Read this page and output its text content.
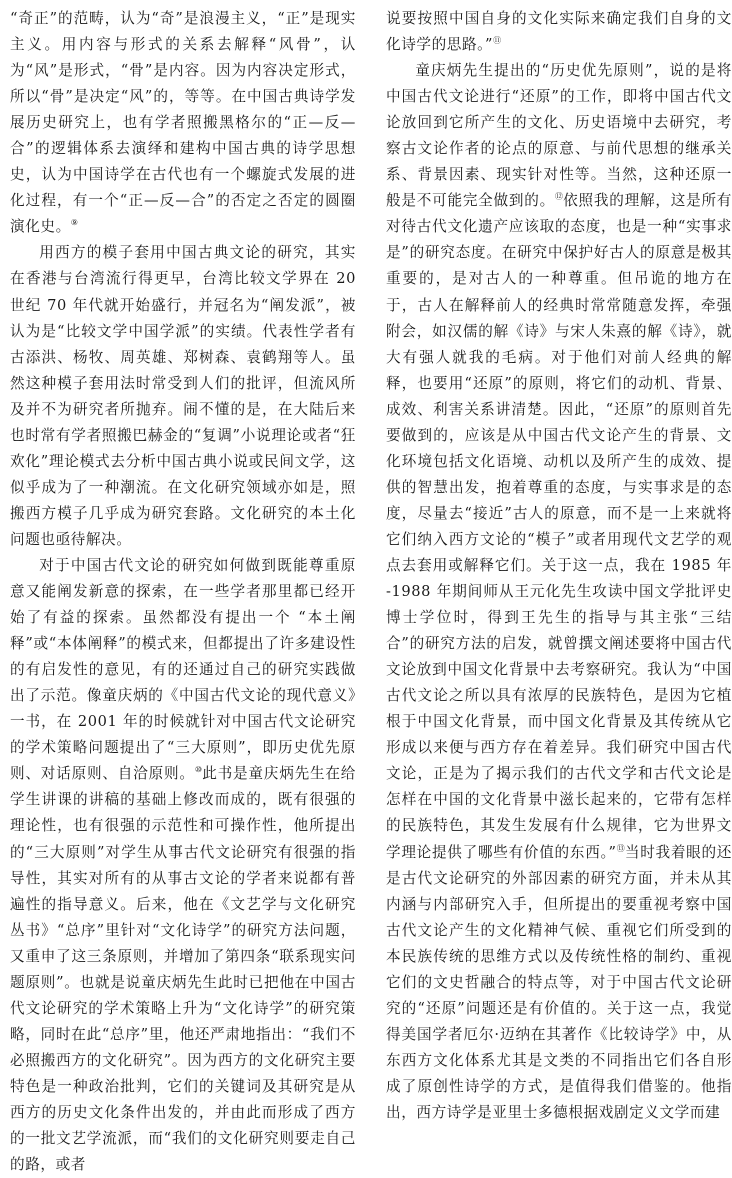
“奇正”的范畴，认为“奇”是浪漫主义，“正”是现实主义。用内容与形式的关系去解释“风骨”，认为“风”是形式，“骨”是内容。因为内容决定形式，所以“骨”是决定“风”的，等等。在中国古典诗学发展历史研究上，也有学者照搬黑格尔的“正—反—合”的逻辑体系去演绎和建构中国古典的诗学思想史，认为中国诗学在古代也有一个螺旋式发展的进化过程，有一个“正—反—合”的否定之否定的圆圈演化史。⑨

用西方的模子套用中国古典文论的研究，其实在香港与台湾流行得更早，台湾比较文学界在 20 世纪 70 年代就开始盛行，并冠名为“阐发派”，被认为是“比较文学中国学派”的实绩。代表性学者有古添洪、杨牧、周英雄、郑树森、袁鹤翔等人。虽然这种模子套用法时常受到人们的批评，但流风所及并不为研究者所抛弃。闹不懂的是，在大陆后来也时常有学者照搬巴赫金的“复调”小说理论或者“狂欢化”理论模式去分析中国古典小说或民间文学，这似乎成为了一种潮流。在文化研究领域亦如是，照搬西方模子几乎成为研究套路。文化研究的本土化问题也亟待解决。

对于中国古代文论的研究如何做到既能尊重原意又能阐发新意的探索，在一些学者那里都已经开始了有益的探索。虽然都没有提出一个 “本土阐释”或“本体阐释”的模式来，但都提出了许多建设性的有启发性的意见，有的还通过自己的研究实践做出了示范。像童庆炳的《中国古代文论的现代意义》一书，在 2001 年的时候就针对中国古代文论研究的学术策略问题提出了“三大原则”，即历史优先原则、对话原则、自洽原则。⑩此书是童庆炳先生在给学生讲课的讲稿的基础上修改而成的，既有很强的理论性，也有很强的示范性和可操作性，他所提出的“三大原则”对学生从事古代文论研究有很强的指导性，其实对所有的从事古文论的学者来说都有普遍性的指导意义。后来，他在《文艺学与文化研究丛书》“总序”里针对“文化诗学”的研究方法问题，又重申了这三条原则，并增加了第四条“联系现实问题原则”。也就是说童庆炳先生此时已把他在中国古代文论研究的学术策略上升为“文化诗学”的研究策略，同时在此“总序”里，他还严肃地指出：“我们不必照搬西方的文化研究”。因为西方的文化研究主要特色是一种政治批判，它们的关键词及其研究是从西方的历史文化条件出发的，并由此而形成了西方的一批文艺学流派，而“我们的文化研究则要走自己的路，或者

说要按照中国自身的文化实际来确定我们自身的文化诗学的思路。”⑪

童庆炳先生提出的“历史优先原则”，说的是将中国古代文论进行“还原”的工作，即将中国古代文论放回到它所产生的文化、历史语境中去研究，考察古文论作者的论点的原意、与前代思想的继承关系、背景因素、现实针对性等。当然，这种还原一般是不可能完全做到的。⑫依照我的理解，这是所有对待古代文化遗产应该取的态度，也是一种“实事求是”的研究态度。在研究中保护好古人的原意是极其重要的，是对古人的一种尊重。但吊诡的地方在于，古人在解释前人的经典时常常随意发挥，牵强附会，如汉儒的解《诗》与宋人朱熹的解《诗》，就大有强人就我的毛病。对于他们对前人经典的解释，也要用“还原”的原则，将它们的动机、背景、成效、利害关系讲清楚。因此，“还原”的原则首先要做到的，应该是从中国古代文论产生的背景、文化环境包括文化语境、动机以及所产生的成效、提供的智慧出发，抱着尊重的态度，与实事求是的态度，尽量去“接近”古人的原意，而不是一上来就将它们纳入西方文论的“模子”或者用现代文艺学的观点去套用或解释它们。关于这一点，我在 1985 年 -1988 年期间师从王元化先生攻读中国文学批评史博士学位时，得到王先生的指导与其主张“三结合”的研究方法的启发，就曾撰文阐述要将中国古代文论放到中国文化背景中去考察研究。我认为“中国古代文论之所以具有浓厚的民族特色，是因为它植根于中国文化背景，而中国文化背景及其传统从它形成以来便与西方存在着差异。我们研究中国古代文论，正是为了揭示我们的古代文学和古代文论是怎样在中国的文化背景中滋长起来的，它带有怎样的民族特色，其发生发展有什么规律，它为世界文学理论提供了哪些有价值的东西。”⑬当时我着眼的还是古代文论研究的外部因素的研究方面，并未从其内涵与内部研究入手，但所提出的要重视考察中国古代文论产生的文化精神气候、重视它们所受到的本民族传统的思维方式以及传统性格的制约、重视它们的文史哲融合的特点等，对于中国古代文论研究的“还原”问题还是有价值的。关于这一点，我觉得美国学者厄尔·迈纳在其著作《比较诗学》中，从东西方文化体系尤其是文类的不同指出它们各自形成了原创性诗学的方式，是值得我们借鉴的。他指出，西方诗学是亚里士多德根据戏剧定义文学而建
